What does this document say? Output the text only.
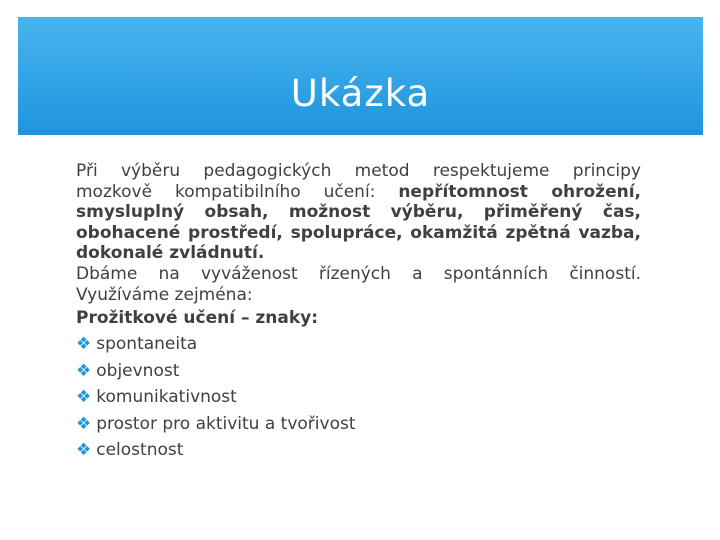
Ukázka
Při výběru pedagogických metod respektujeme principy
mozkově kompatibilního učení: nepřítomnost ohrožení,
smysluplný obsah, možnost výběru, přiměřený čas,
obohacené prostředí, spolupráce, okamžitá zpětná vazba,
dokonalé zvládnutí.
Dbáme na vyváženost řízených a spontánních činností.
Využíváme zejména:

Prožitkové učení – znaky:

❖ spontaneita
❖ objevnost
❖ komunikativnost
❖ prostor pro aktivitu a tvořivost
❖ celostnost
